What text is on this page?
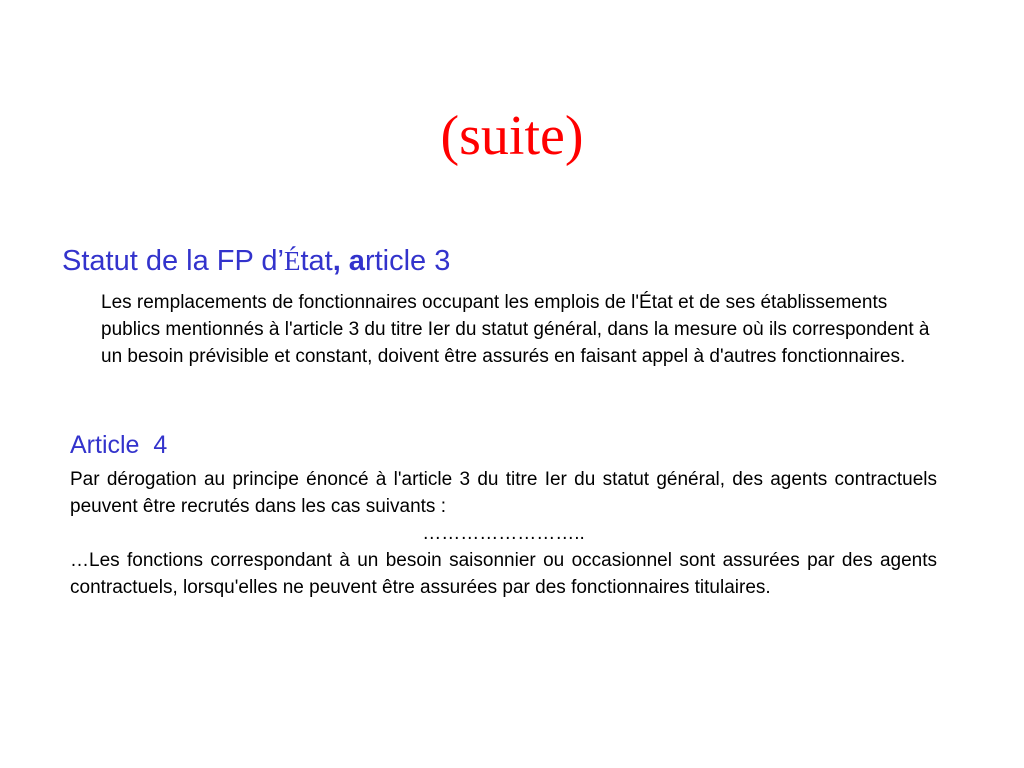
(suite)
Statut de la FP d’État, article 3

Les remplacements de fonctionnaires occupant les emplois de l'État et de ses établissements publics mentionnés à l'article 3 du titre Ier du statut général, dans la mesure où ils correspondent à un besoin prévisible et constant, doivent être assurés en faisant appel à d'autres fonctionnaires.

Article  4

Par dérogation au principe énoncé à l'article 3 du titre Ier du statut général, des agents contractuels peuvent être recrutés dans les cas suivants :
……………………..

…Les fonctions correspondant à un besoin saisonnier ou occasionnel sont assurées par des agents contractuels, lorsqu'elles ne peuvent être assurées par des fonctionnaires titulaires.
